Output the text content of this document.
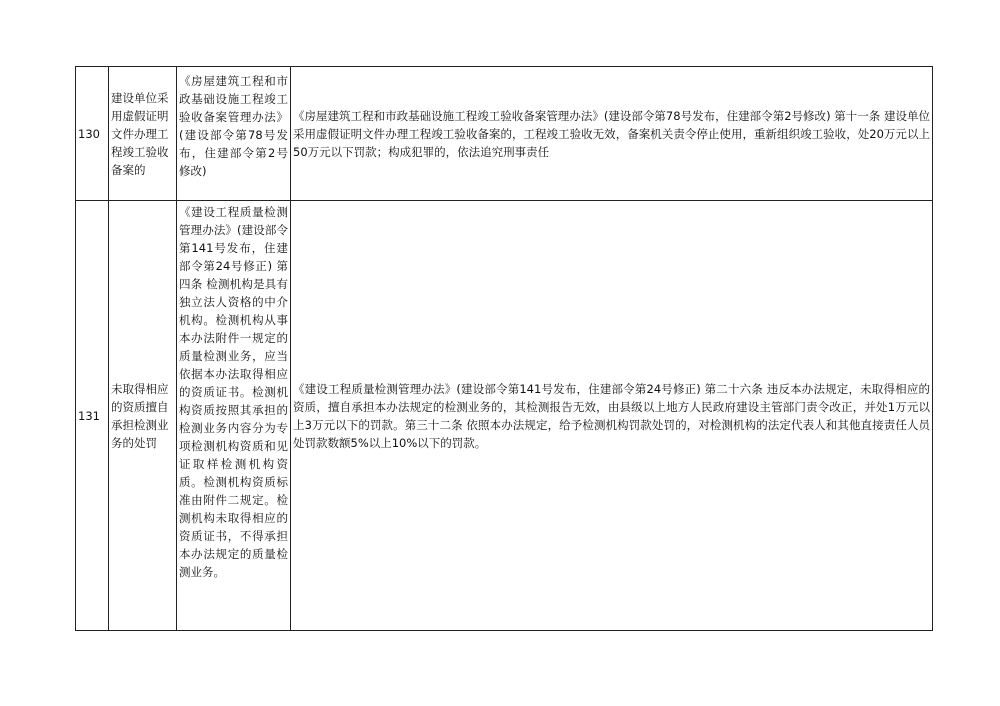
130	建设单位采用虚假证明文件办理工程竣工验收备案的	《房屋建筑工程和市政基础设施工程竣工验收备案管理办法》(建设部令第78号发布，住建部令第2号修改)	《房屋建筑工程和市政基础设施工程竣工验收备案管理办法》(建设部令第78号发布，住建部令第2号修改) 第十一条 建设单位采用虚假证明文件办理工程竣工验收备案的，工程竣工验收无效，备案机关责令停止使用，重新组织竣工验收，处20万元以上50万元以下罚款；构成犯罪的，依法追究刑事责任
131	未取得相应的资质擅自承担检测业务的处罚	《建设工程质量检测管理办法》(建设部令第141号发布，住建部令第24号修正) 第四条 检测机构是具有独立法人资格的中介机构。检测机构从事本办法附件一规定的质量检测业务，应当依据本办法取得相应的资质证书。检测机构资质按照其承担的检测业务内容分为专项检测机构资质和见证取样检测机构资质。检测机构资质标准由附件二规定。检测机构未取得相应的资质证书，不得承担本办法规定的质量检测业务。	《建设工程质量检测管理办法》(建设部令第141号发布，住建部令第24号修正) 第二十六条 违反本办法规定，未取得相应的资质，擅自承担本办法规定的检测业务的，其检测报告无效，由县级以上地方人民政府建设主管部门责令改正，并处1万元以上3万元以下的罚款。第三十二条 依照本办法规定，给予检测机构罚款处罚的，对检测机构的法定代表人和其他直接责任人员处罚款数额5%以上10%以下的罚款。
